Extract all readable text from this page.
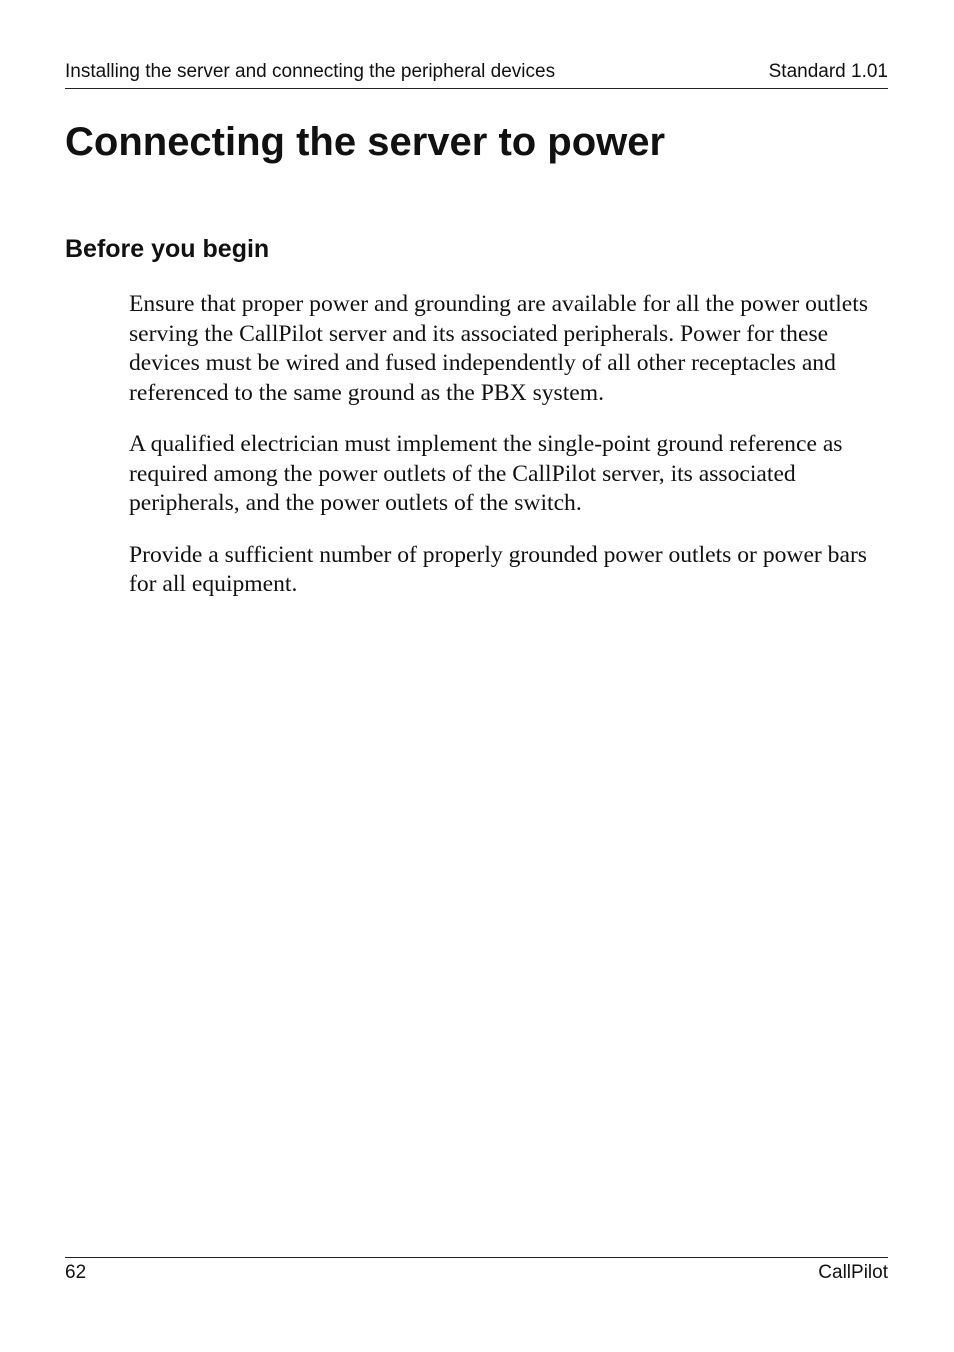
Installing the server and connecting the peripheral devices	Standard 1.01
Connecting the server to power
Before you begin

Ensure that proper power and grounding are available for all the power outlets serving the CallPilot server and its associated peripherals. Power for these devices must be wired and fused independently of all other receptacles and referenced to the same ground as the PBX system.

A qualified electrician must implement the single-point ground reference as required among the power outlets of the CallPilot server, its associated peripherals, and the power outlets of the switch.

Provide a sufficient number of properly grounded power outlets or power bars for all equipment.

62	CallPilot
